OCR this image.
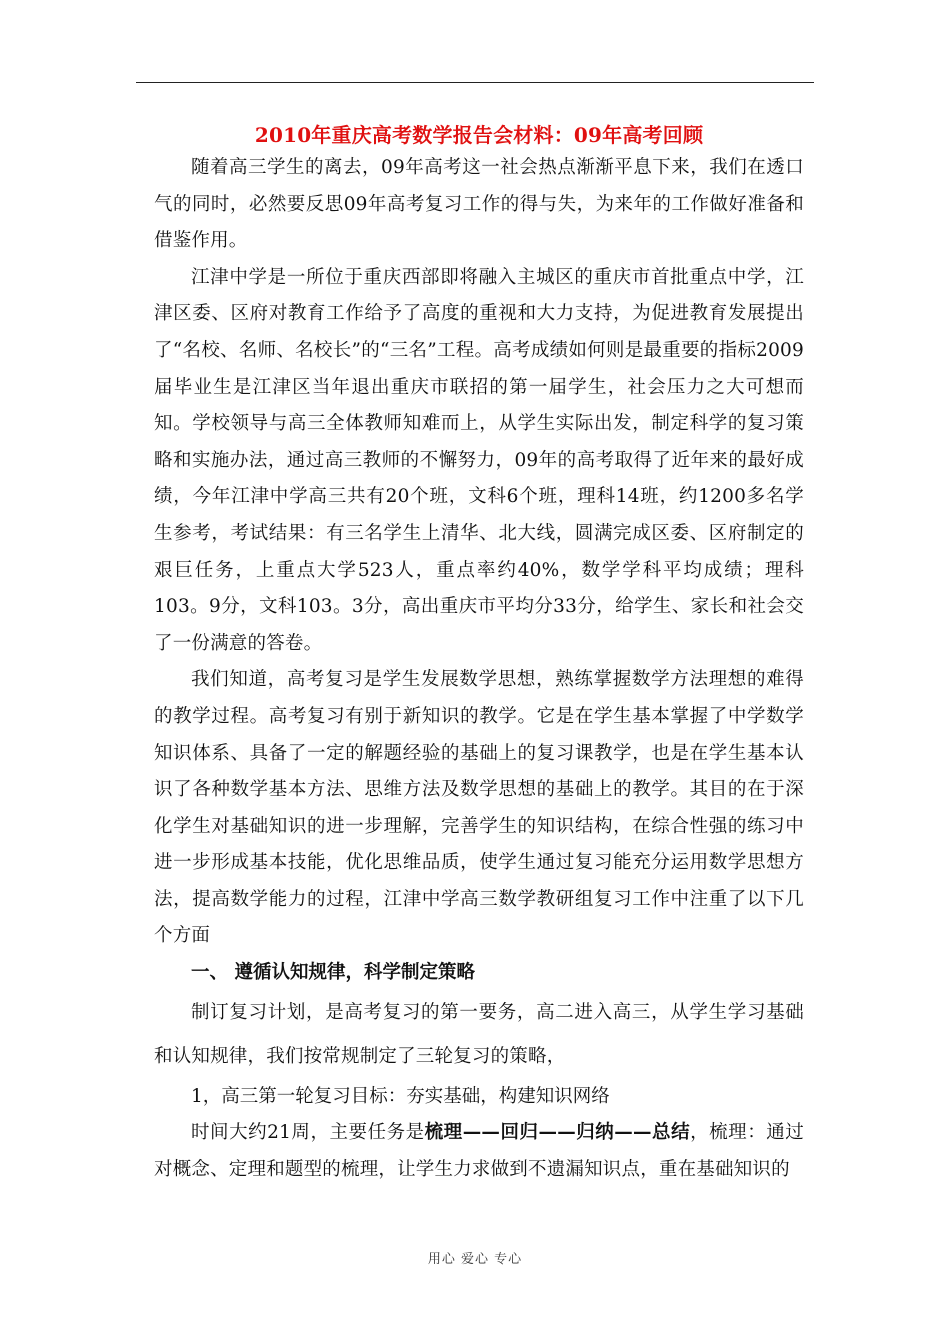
2010年重庆高考数学报告会材料：09年高考回顾

随着高三学生的离去，09年高考这一社会热点渐渐平息下来，我们在透口气的同时，必然要反思09年高考复习工作的得与失，为来年的工作做好准备和借鉴作用。

江津中学是一所位于重庆西部即将融入主城区的重庆市首批重点中学，江津区委、区府对教育工作给予了高度的重视和大力支持，为促进教育发展提出了“名校、名师、名校长”的“三名”工程。高考成绩如何则是最重要的指标2009届毕业生是江津区当年退出重庆市联招的第一届学生，社会压力之大可想而知。学校领导与高三全体教师知难而上，从学生实际出发，制定科学的复习策略和实施办法，通过高三教师的不懈努力，09年的高考取得了近年来的最好成绩，今年江津中学高三共有20个班，文科6个班，理科14班，约1200多名学生参考，考试结果：有三名学生上清华、北大线，圆满完成区委、区府制定的艰巨任务，上重点大学523人，重点率约40%，数学学科平均成绩；理科103。9分，文科103。3分，高出重庆市平均分33分，给学生、家长和社会交了一份满意的答卷。

我们知道，高考复习是学生发展数学思想，熟练掌握数学方法理想的难得的教学过程。高考复习有别于新知识的教学。它是在学生基本掌握了中学数学知识体系、具备了一定的解题经验的基础上的复习课教学，也是在学生基本认识了各种数学基本方法、思维方法及数学思想的基础上的教学。其目的在于深化学生对基础知识的进一步理解，完善学生的知识结构，在综合性强的练习中进一步形成基本技能，优化思维品质，使学生通过复习能充分运用数学思想方法，提高数学能力的过程，江津中学高三数学教研组复习工作中注重了以下几个方面

一、 遵循认知规律，科学制定策略

制订复习计划，是高考复习的第一要务，高二进入高三，从学生学习基础和认知规律，我们按常规制定了三轮复习的策略，

1，高三第一轮复习目标：夯实基础，构建知识网络

时间大约21周，主要任务是梳理——回归——归纳——总结，梳理：通过对概念、定理和题型的梳理，让学生力求做到不遗漏知识点，重在基础知识的

用心 爱心 专心
